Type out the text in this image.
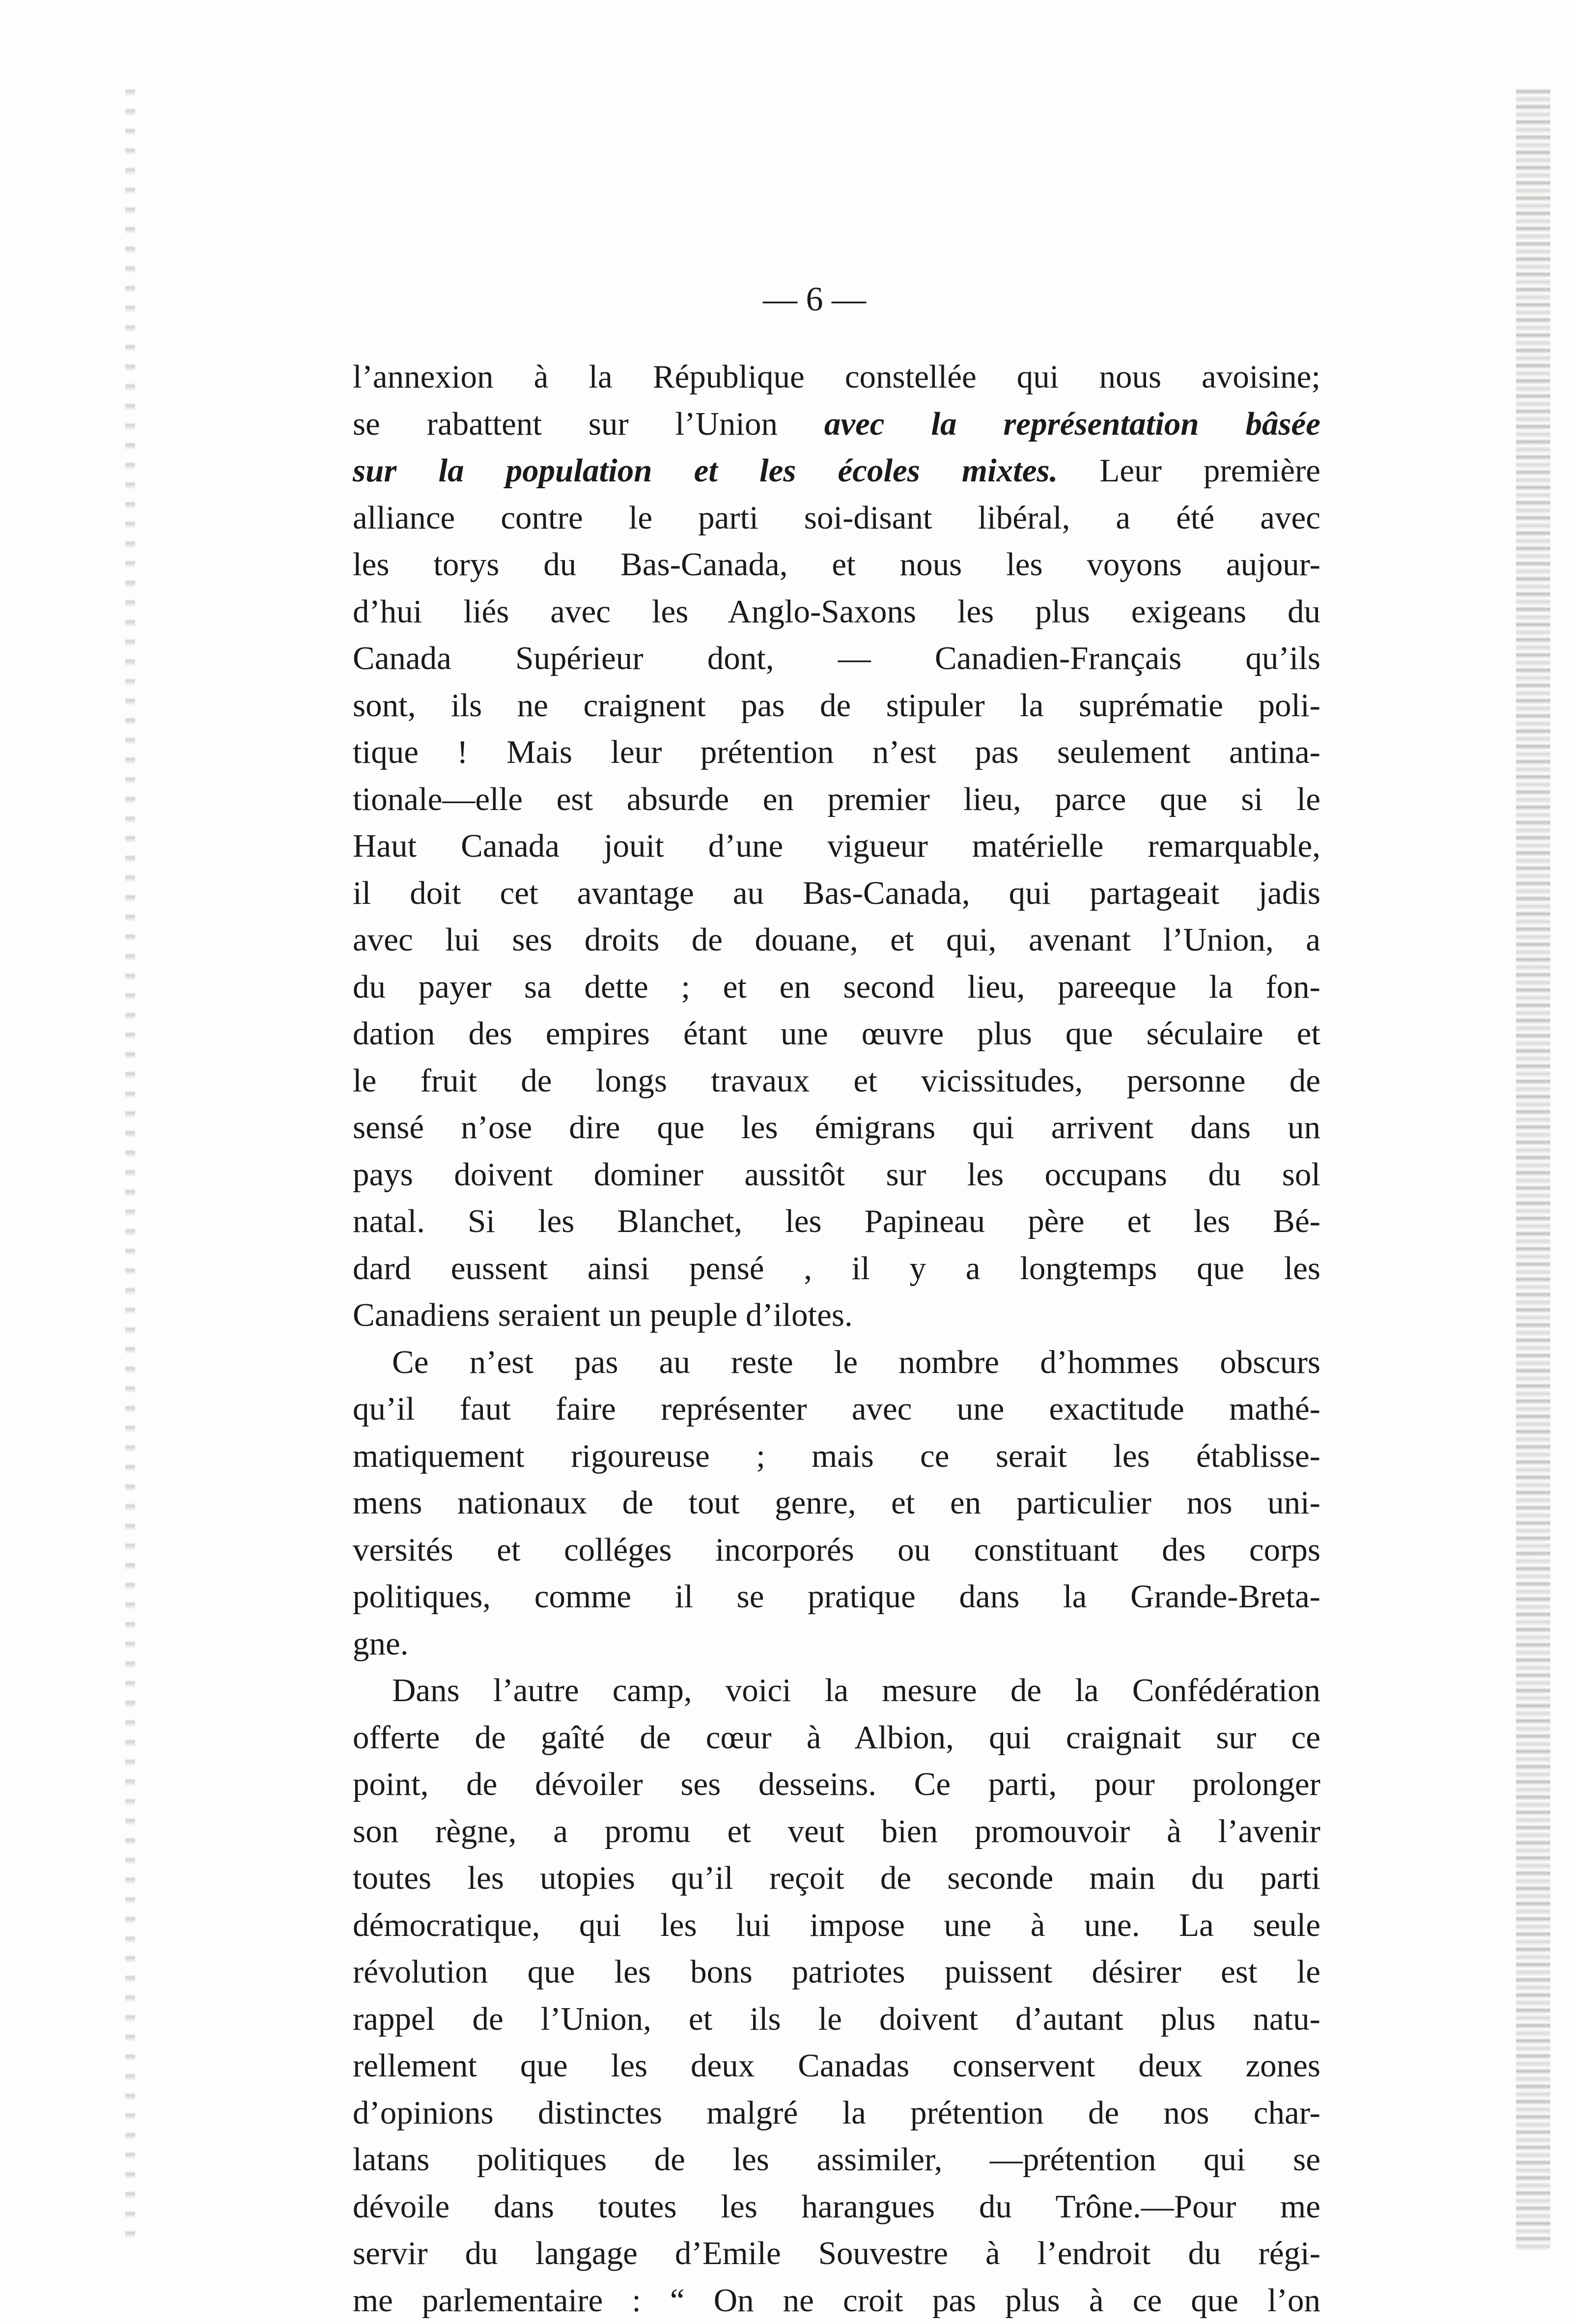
— 6 —
l’annexion à la République constellée qui nous avoisine;
se rabattent sur l’Union avec la représentation bâsée
sur la population et les écoles mixtes. Leur première
alliance contre le parti soi-disant libéral, a été avec
les torys du Bas-Canada, et nous les voyons aujour-
d’hui liés avec les Anglo-Saxons les plus exigeans du
Canada Supérieur dont, — Canadien-Français qu’ils
sont, ils ne craignent pas de stipuler la suprématie poli-
tique ! Mais leur prétention n’est pas seulement antina-
tionale—elle est absurde en premier lieu, parce que si le
Haut Canada jouit d’une vigueur matérielle remarquable,
il doit cet avantage au Bas-Canada, qui partageait jadis
avec lui ses droits de douane, et qui, avenant l’Union, a
du payer sa dette ; et en second lieu, pareeque la fon-
dation des empires étant une œuvre plus que séculaire et
le fruit de longs travaux et vicissitudes, personne de
sensé n’ose dire que les émigrans qui arrivent dans un
pays doivent dominer aussitôt sur les occupans du sol
natal. Si les Blanchet, les Papineau père et les Bé-
dard eussent ainsi pensé , il y a longtemps que les
Canadiens seraient un peuple d’ilotes.
Ce n’est pas au reste le nombre d’hommes obscurs
qu’il faut faire représenter avec une exactitude mathé-
matiquement rigoureuse ; mais ce serait les établisse-
mens nationaux de tout genre, et en particulier nos uni-
versités et colléges incorporés ou constituant des corps
politiques, comme il se pratique dans la Grande-Breta-
gne.
Dans l’autre camp, voici la mesure de la Confédération
offerte de gaîté de cœur à Albion, qui craignait sur ce
point, de dévoiler ses desseins. Ce parti, pour prolonger
son règne, a promu et veut bien promouvoir à l’avenir
toutes les utopies qu’il reçoit de seconde main du parti
démocratique, qui les lui impose une à une. La seule
révolution que les bons patriotes puissent désirer est le
rappel de l’Union, et ils le doivent d’autant plus natu-
rellement que les deux Canadas conservent deux zones
d’opinions distinctes malgré la prétention de nos char-
latans politiques de les assimiler, —prétention qui se
dévoile dans toutes les harangues du Trône.—Pour me
servir du langage d’Emile Souvestre à l’endroit du régi-
me parlementaire : “ On ne croit pas plus à ce que l’on
